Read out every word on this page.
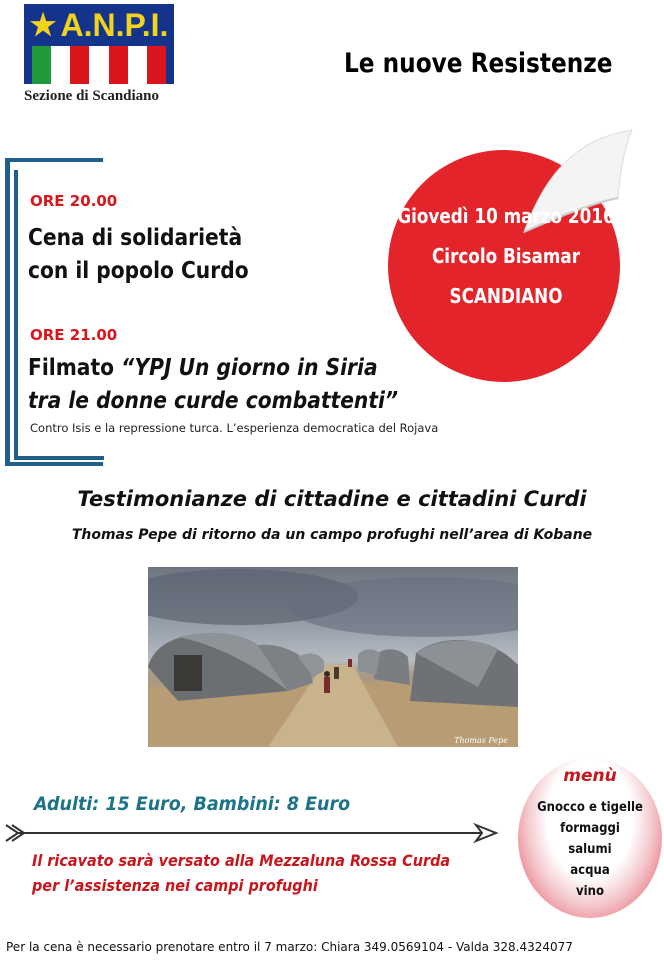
★ A.N.P.I.
Sezione di Scandiano
Le nuove Resistenze
ORE 20.00
Cena di solidarietà
con il popolo Curdo
ORE 21.00
Filmato “YPJ Un giorno in Siria
tra le donne curde combattenti”
Contro Isis e la repressione turca. L’esperienza democratica del Rojava
Giovedì 10 marzo 2016
Circolo Bisamar
SCANDIANO
Testimonianze di cittadine e cittadini Curdi
Thomas Pepe di ritorno da un campo profughi nell’area di Kobane
Thomas Pepe
Adulti: 15 Euro, Bambini: 8 Euro
Il ricavato sarà versato alla Mezzaluna Rossa Curda
per l’assistenza nei campi profughi
menù
Gnocco e tigelle
formaggi
salumi
acqua
vino
Per la cena è necessario prenotare entro il 7 marzo: Chiara 349.0569104 - Valda 328.4324077
